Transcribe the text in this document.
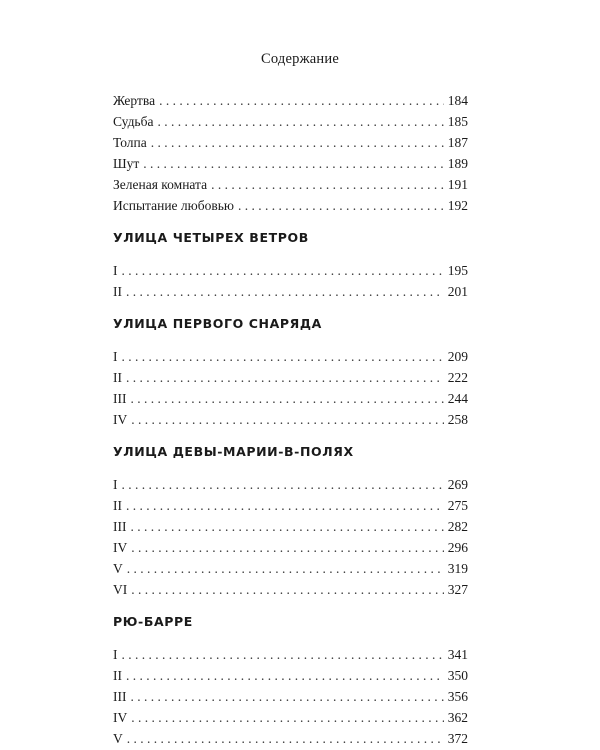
Содержание
Жертва . . .	184
Судьба . . .	185
Толпа . . .	187
Шут . . .	189
Зеленая комната . . .	191
Испытание любовью . . .	192
УЛИЦА ЧЕТЫРЕХ ВЕТРОВ
I . . .	195
II . . .	201
УЛИЦА ПЕРВОГО СНАРЯДА
I . . .	209
II . . .	222
III . . .	244
IV . . .	258
УЛИЦА ДЕВЫ-МАРИИ-В-ПОЛЯХ
I . . .	269
II . . .	275
III . . .	282
IV . . .	296
V . . .	319
VI . . .	327
РЮ-БАРРЕ
I . . .	341
II . . .	350
III . . .	356
IV . . .	362
V . . .	372
